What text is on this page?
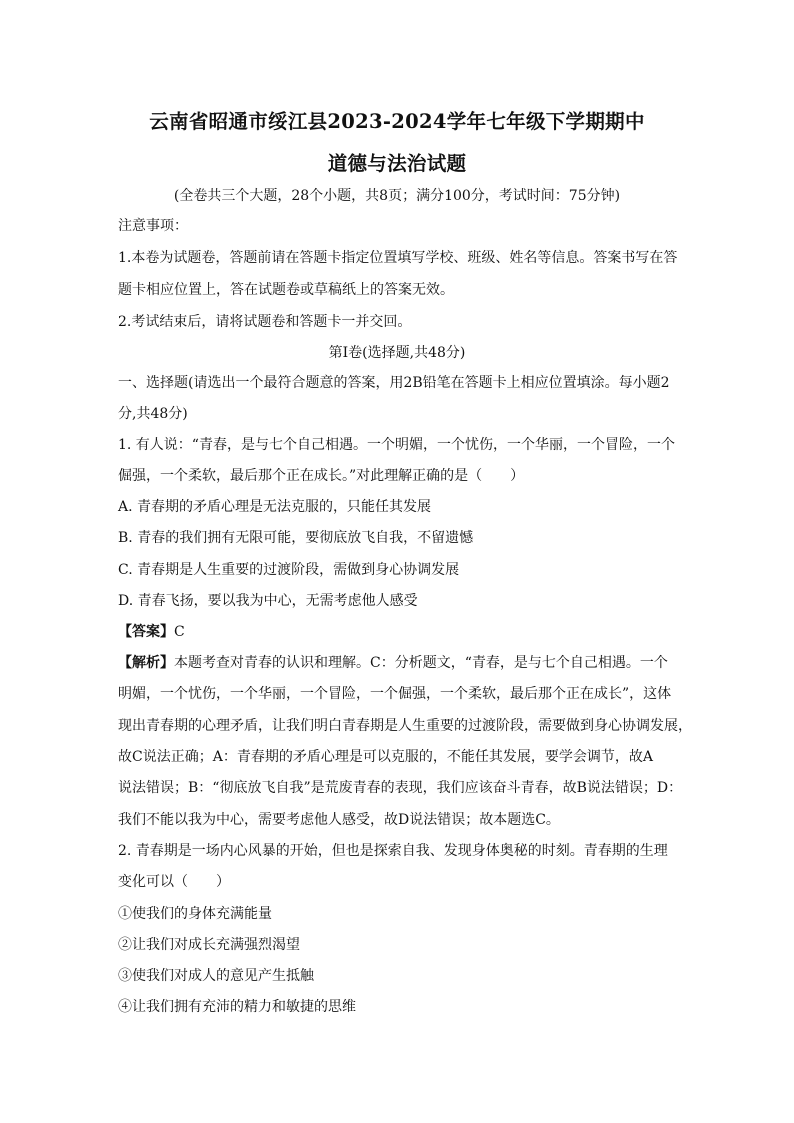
云南省昭通市绥江县2023-2024学年七年级下学期期中
道德与法治试题
(全卷共三个大题，28个小题，共8页；满分100分，考试时间：75分钟)
注意事项：
1.本卷为试题卷，答题前请在答题卡指定位置填写学校、班级、姓名等信息。答案书写在答
题卡相应位置上，答在试题卷或草稿纸上的答案无效。
2.考试结束后，请将试题卷和答题卡一并交回。
第Ⅰ卷(选择题,共48分)
一、选择题(请选出一个最符合题意的答案，用2B铅笔在答题卡上相应位置填涂。每小题2
分,共48分)
1. 有人说：“青春，是与七个自己相遇。一个明媚，一个忧伤，一个华丽，一个冒险，一个
倔强，一个柔软，最后那个正在成长。”对此理解正确的是（　　）
A. 青春期的矛盾心理是无法克服的，只能任其发展
B. 青春的我们拥有无限可能，要彻底放飞自我，不留遗憾
C. 青春期是人生重要的过渡阶段，需做到身心协调发展
D. 青春飞扬，要以我为中心，无需考虑他人感受
【答案】C
【解析】本题考查对青春的认识和理解。C：分析题文，“青春，是与七个自己相遇。一个
明媚，一个忧伤，一个华丽，一个冒险，一个倔强，一个柔软，最后那个正在成长”，这体
现出青春期的心理矛盾，让我们明白青春期是人生重要的过渡阶段，需要做到身心协调发展，
故C说法正确；A：青春期的矛盾心理是可以克服的，不能任其发展，要学会调节，故A
说法错误；B：“彻底放飞自我”是荒废青春的表现，我们应该奋斗青春，故B说法错误；D：
我们不能以我为中心，需要考虑他人感受，故D说法错误；故本题选C。
2. 青春期是一场内心风暴的开始，但也是探索自我、发现身体奥秘的时刻。青春期的生理
变化可以（　　）
①使我们的身体充满能量
②让我们对成长充满强烈渴望
③使我们对成人的意见产生抵触
④让我们拥有充沛的精力和敏捷的思维
